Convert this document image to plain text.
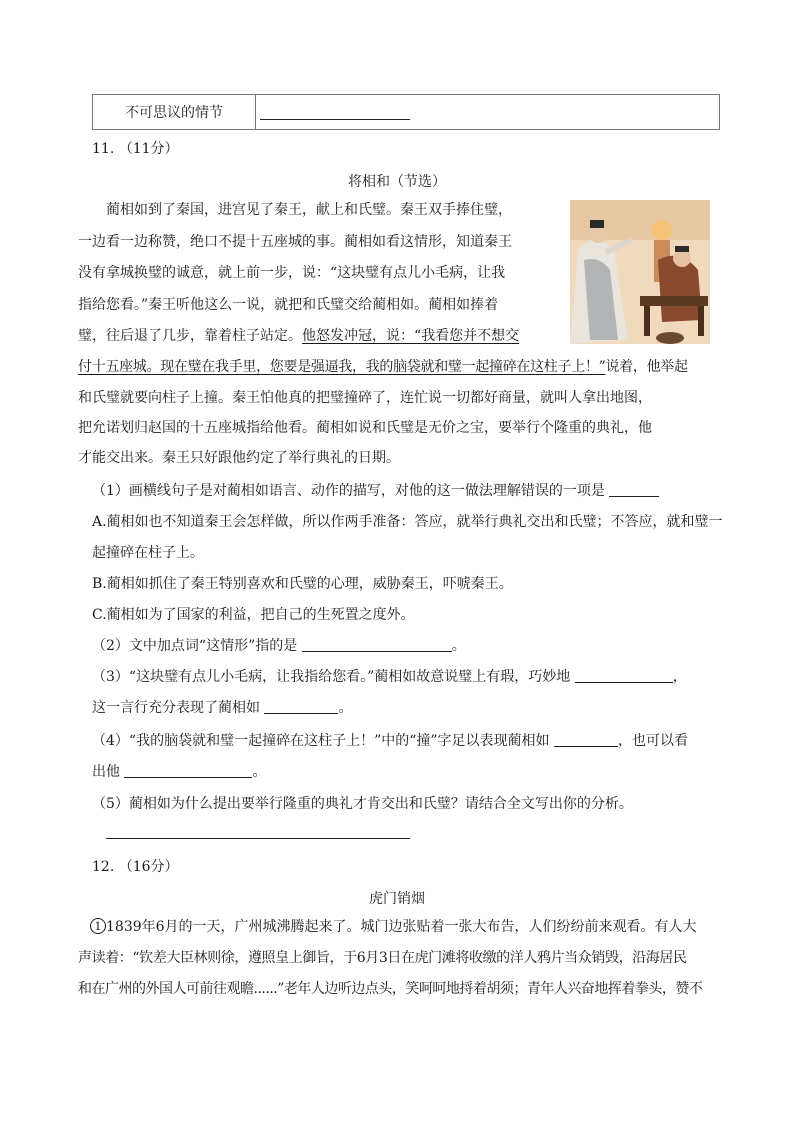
不可思议的情节
11. （11分）
将相和（节选）
蔺相如到了秦国，进宫见了秦王，献上和氏璧。秦王双手捧住璧，
一边看一边称赞，绝口不提十五座城的事。蔺相如看这情形，知道秦王
没有拿城换璧的诚意，就上前一步，说：“这块璧有点儿小毛病，让我
指给您看。”秦王听他这么一说，就把和氏璧交给蔺相如。蔺相如捧着
璧，往后退了几步，靠着柱子站定。他怒发冲冠，说：“我看您并不想交
付十五座城。现在璧在我手里，您要是强逼我，我的脑袋就和璧一起撞碎在这柱子上！”说着，他举起
和氏璧就要向柱子上撞。秦王怕他真的把璧撞碎了，连忙说一切都好商量，就叫人拿出地图，
把允诺划归赵国的十五座城指给他看。蔺相如说和氏璧是无价之宝，要举行个隆重的典礼，他
才能交出来。秦王只好跟他约定了举行典礼的日期。
（1）画横线句子是对蔺相如语言、动作的描写，对他的这一做法理解错误的一项是
A.蔺相如也不知道秦王会怎样做，所以作两手准备：答应，就举行典礼交出和氏璧；不答应，就和璧一
起撞碎在柱子上。
B.蔺相如抓住了秦王特别喜欢和氏璧的心理，威胁秦王，吓唬秦王。
C.蔺相如为了国家的利益，把自己的生死置之度外。
（2）文中加点词“这情形”指的是	。
（3）“这块璧有点儿小毛病，让我指给您看。”蔺相如故意说璧上有瑕，巧妙地	，
这一言行充分表现了蔺相如	。
（4）“我的脑袋就和璧一起撞碎在这柱子上！”中的“撞”字足以表现蔺相如	，也可以看
出他	。
（5）蔺相如为什么提出要举行隆重的典礼才肯交出和氏璧？请结合全文写出你的分析。
12. （16分）
虎门销烟
1 1839年6月的一天，广州城沸腾起来了。城门边张贴着一张大布告，人们纷纷前来观看。有人大
声读着：“钦差大臣林则徐，遵照皇上御旨，于6月3日在虎门滩将收缴的洋人鸦片当众销毁，沿海居民
和在广州的外国人可前往观瞻......”老年人边听边点头，笑呵呵地捋着胡须；青年人兴奋地挥着拳头，赞不
